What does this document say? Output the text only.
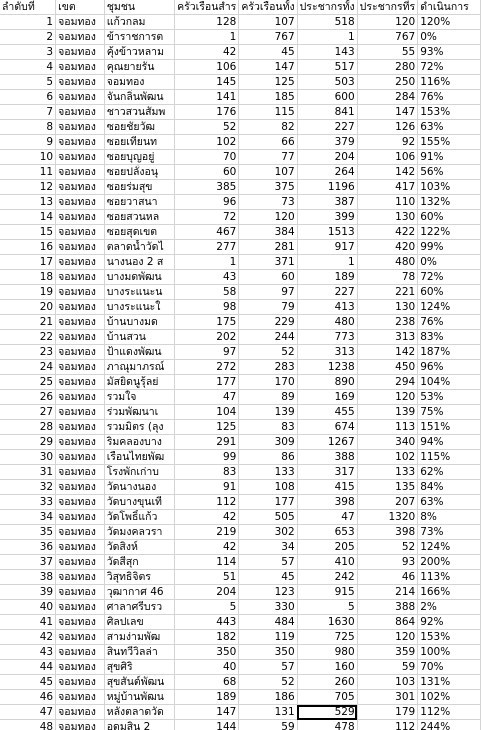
ลำดับที่	เขต	ชุมชน	ครัวเรือนสำร	ครัวเรือนทั้ง	ประชากรทั้ง	ประชากรที่ร	ดำเนินการ
1	จอมทอง	แก้วกลม	128	107	518	120	120%
2	จอมทอง	ข้าราชการต	1	767	1	767	0%
3	จอมทอง	คุ้งข้าวหลาม	42	45	143	55	93%
4	จอมทอง	คุณยายรัน	106	147	517	280	72%
5	จอมทอง	จอมทอง	145	125	503	250	116%
6	จอมทอง	จันกลิ่นพัฒน	141	185	600	284	76%
7	จอมทอง	ชาวสวนสัมพ	176	115	841	147	153%
8	จอมทอง	ซอยชัยวัฒ	52	82	227	126	63%
9	จอมทอง	ซอยเทียนท	102	66	379	92	155%
10	จอมทอง	ซอยบุญอยู่	70	77	204	106	91%
11	จอมทอง	ซอยปลั่งอนุ	60	107	264	142	56%
12	จอมทอง	ซอยร่มสุข	385	375	1196	417	103%
13	จอมทอง	ซอยวาสนา	96	73	387	110	132%
14	จอมทอง	ซอยสวนหล	72	120	399	130	60%
15	จอมทอง	ซอยสุดเขต	467	384	1513	422	122%
16	จอมทอง	ตลาดน้ำวัดไ	277	281	917	420	99%
17	จอมทอง	นางนอง 2 ส	1	371	1	480	0%
18	จอมทอง	บางมดพัฒน	43	60	189	78	72%
19	จอมทอง	บางระแนะน	58	97	227	221	60%
20	จอมทอง	บางระแนะใ	98	79	413	130	124%
21	จอมทอง	บ้านบางมด	175	229	480	238	76%
22	จอมทอง	บ้านสวน	202	244	773	313	83%
23	จอมทอง	ป้าแดงพัฒน	97	52	313	142	187%
24	จอมทอง	ภาณุมาภรณ์	272	283	1238	450	96%
25	จอมทอง	มัสยิดนูรุ้ลย่	177	170	890	294	104%
26	จอมทอง	รวมใจ	47	89	169	120	53%
27	จอมทอง	ร่วมพัฒนาเ	104	139	455	139	75%
28	จอมทอง	รวมมิตร (ลุง	125	83	674	113	151%
29	จอมทอง	ริมคลองบาง	291	309	1267	340	94%
30	จอมทอง	เรือนไทยพัฒ	99	86	388	102	115%
31	จอมทอง	โรงพักเก่าบ	83	133	317	133	62%
32	จอมทอง	วัดนางนอง	91	108	415	135	84%
33	จอมทอง	วัดบางขุนเที	112	177	398	207	63%
34	จอมทอง	วัดโพธิ์แก้ว	42	505	47	1320	8%
35	จอมทอง	วัดมงคลวรา	219	302	653	398	73%
36	จอมทอง	วัดสิงห์	42	34	205	52	124%
37	จอมทอง	วัดสีสุก	114	57	410	93	200%
38	จอมทอง	วิสุทธิจิตร	51	45	242	46	113%
39	จอมทอง	วุฒากาศ 46	204	123	915	214	166%
40	จอมทอง	ศาลาศรีบรว	5	330	5	388	2%
41	จอมทอง	ศิลปเลข	443	484	1630	864	92%
42	จอมทอง	สามง่ามพัฒ	182	119	725	120	153%
43	จอมทอง	สินทวีวิลล่า	350	350	980	359	100%
44	จอมทอง	สุขศิริ	40	57	160	59	70%
45	จอมทอง	สุขสันต์พัฒน	68	52	260	103	131%
46	จอมทอง	หมู่บ้านพัฒน	189	186	705	301	102%
47	จอมทอง	หลังตลาดวัด	147	131	529	179	112%
48	จอมทอง	อดมสิน 2	144	59	478	112	244%
